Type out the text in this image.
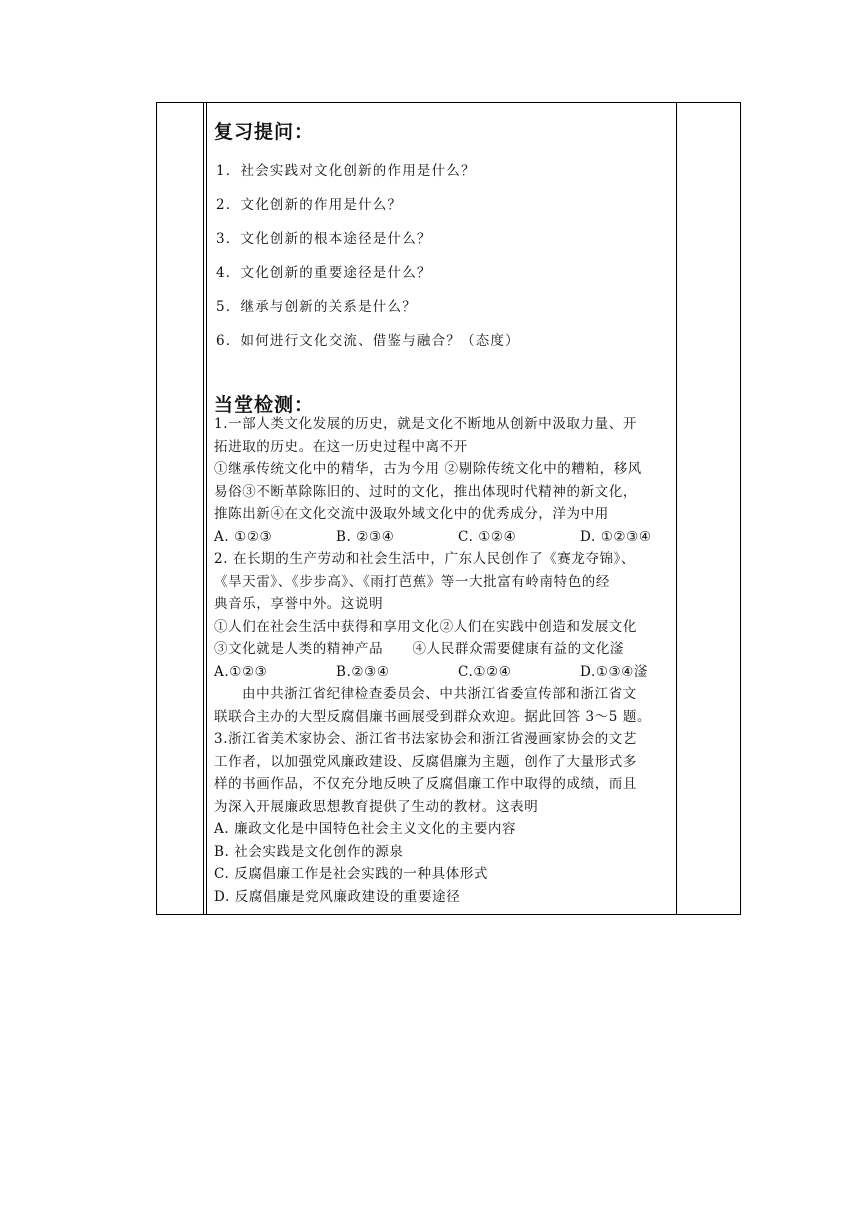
复习提问：
1．社会实践对文化创新的作用是什么？
2．文化创新的作用是什么？
3．文化创新的根本途径是什么？
4．文化创新的重要途径是什么？
5．继承与创新的关系是什么？
6．如何进行文化交流、借鉴与融合？（态度）
当堂检测：
1.一部人类文化发展的历史，就是文化不断地从创新中汲取力量、开
拓进取的历史。在这一历史过程中离不开
①继承传统文化中的精华，古为今用 ②剔除传统文化中的糟粕，移风
易俗③不断革除陈旧的、过时的文化，推出体现时代精神的新文化，
推陈出新④在文化交流中汲取外域文化中的优秀成分，洋为中用
A. ①②③	B. ②③④	C. ①②④	D. ①②③④
2. 在长期的生产劳动和社会生活中，广东人民创作了《赛龙夺锦》、
《旱天雷》、《步步高》、《雨打芭蕉》等一大批富有岭南特色的经
典音乐，享誉中外。这说明
①人们在社会生活中获得和享用文化②人们在实践中创造和发展文化
③文化就是人类的精神产品      ④人民群众需要健康有益的文化滏
A.①②③	B.②③④	C.①②④	D.①③④滏
由中共浙江省纪律检查委员会、中共浙江省委宣传部和浙江省文
联联合主办的大型反腐倡廉书画展受到群众欢迎。据此回答 3～5 题。
3.浙江省美术家协会、浙江省书法家协会和浙江省漫画家协会的文艺
工作者，以加强党风廉政建设、反腐倡廉为主题，创作了大量形式多
样的书画作品，不仅充分地反映了反腐倡廉工作中取得的成绩，而且
为深入开展廉政思想教育提供了生动的教材。这表明
A. 廉政文化是中国特色社会主义文化的主要内容
B. 社会实践是文化创作的源泉
C. 反腐倡廉工作是社会实践的一种具体形式
D. 反腐倡廉是党风廉政建设的重要途径
